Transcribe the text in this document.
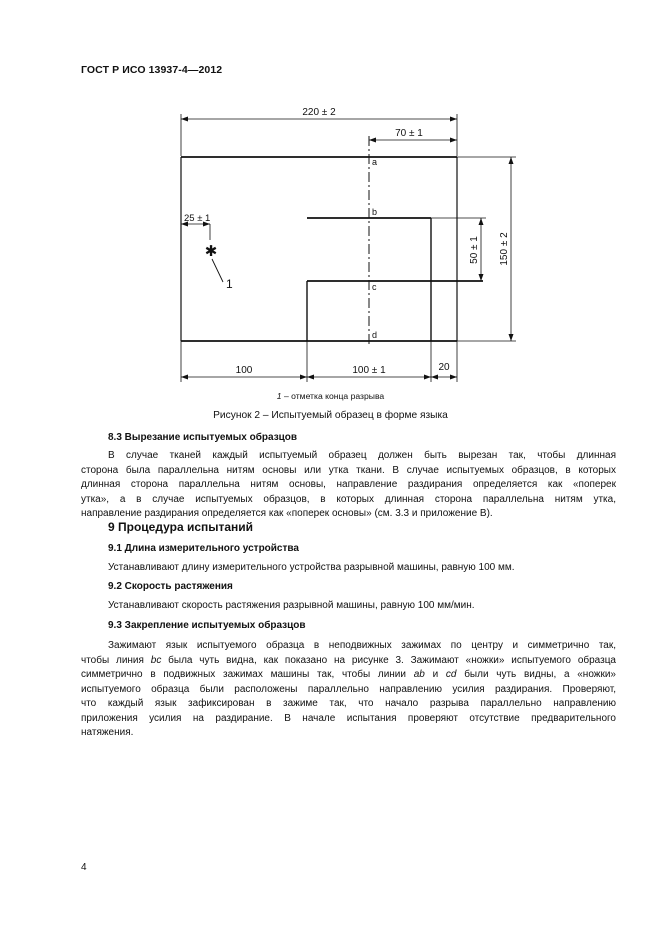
ГОСТ Р ИСО 13937-4—2012
220 ± 2
70 ± 1
a
b
c
d
25 ± 1
✱
1
50 ± 1 150 ± 2
100	100 ± 1	20
1 – отметка конца разрыва
Рисунок 2 – Испытуемый образец в форме языка
8.3 Вырезание испытуемых образцов
В случае тканей каждый испытуемый образец должен быть вырезан так, чтобы длинная
сторона была параллельна нитям основы или утка ткани. В случае испытуемых образцов, в которых
длинная сторона параллельна нитям основы, направление раздирания определяется как «поперек
утка», а в случае испытуемых образцов, в которых длинная сторона параллельна нитям утка,
направление раздирания определяется как «поперек основы» (см. 3.3 и приложение В).
9 Процедура испытаний
9.1 Длина измерительного устройства
Устанавливают длину измерительного устройства разрывной машины, равную 100 мм.
9.2 Скорость растяжения
Устанавливают скорость растяжения разрывной машины, равную 100 мм/мин.
9.3 Закрепление испытуемых образцов
Зажимают язык испытуемого образца в неподвижных зажимах по центру и симметрично так,
чтобы линия bc была чуть видна, как показано на рисунке 3. Зажимают «ножки» испытуемого образца
симметрично в подвижных зажимах машины так, чтобы линии ab и cd были чуть видны, а «ножки»
испытуемого образца были расположены параллельно направлению усилия раздирания. Проверяют,
что каждый язык зафиксирован в зажиме так, что начало разрыва параллельно направлению
приложения усилия на раздирание. В начале испытания проверяют отсутствие предварительного
натяжения.
4
